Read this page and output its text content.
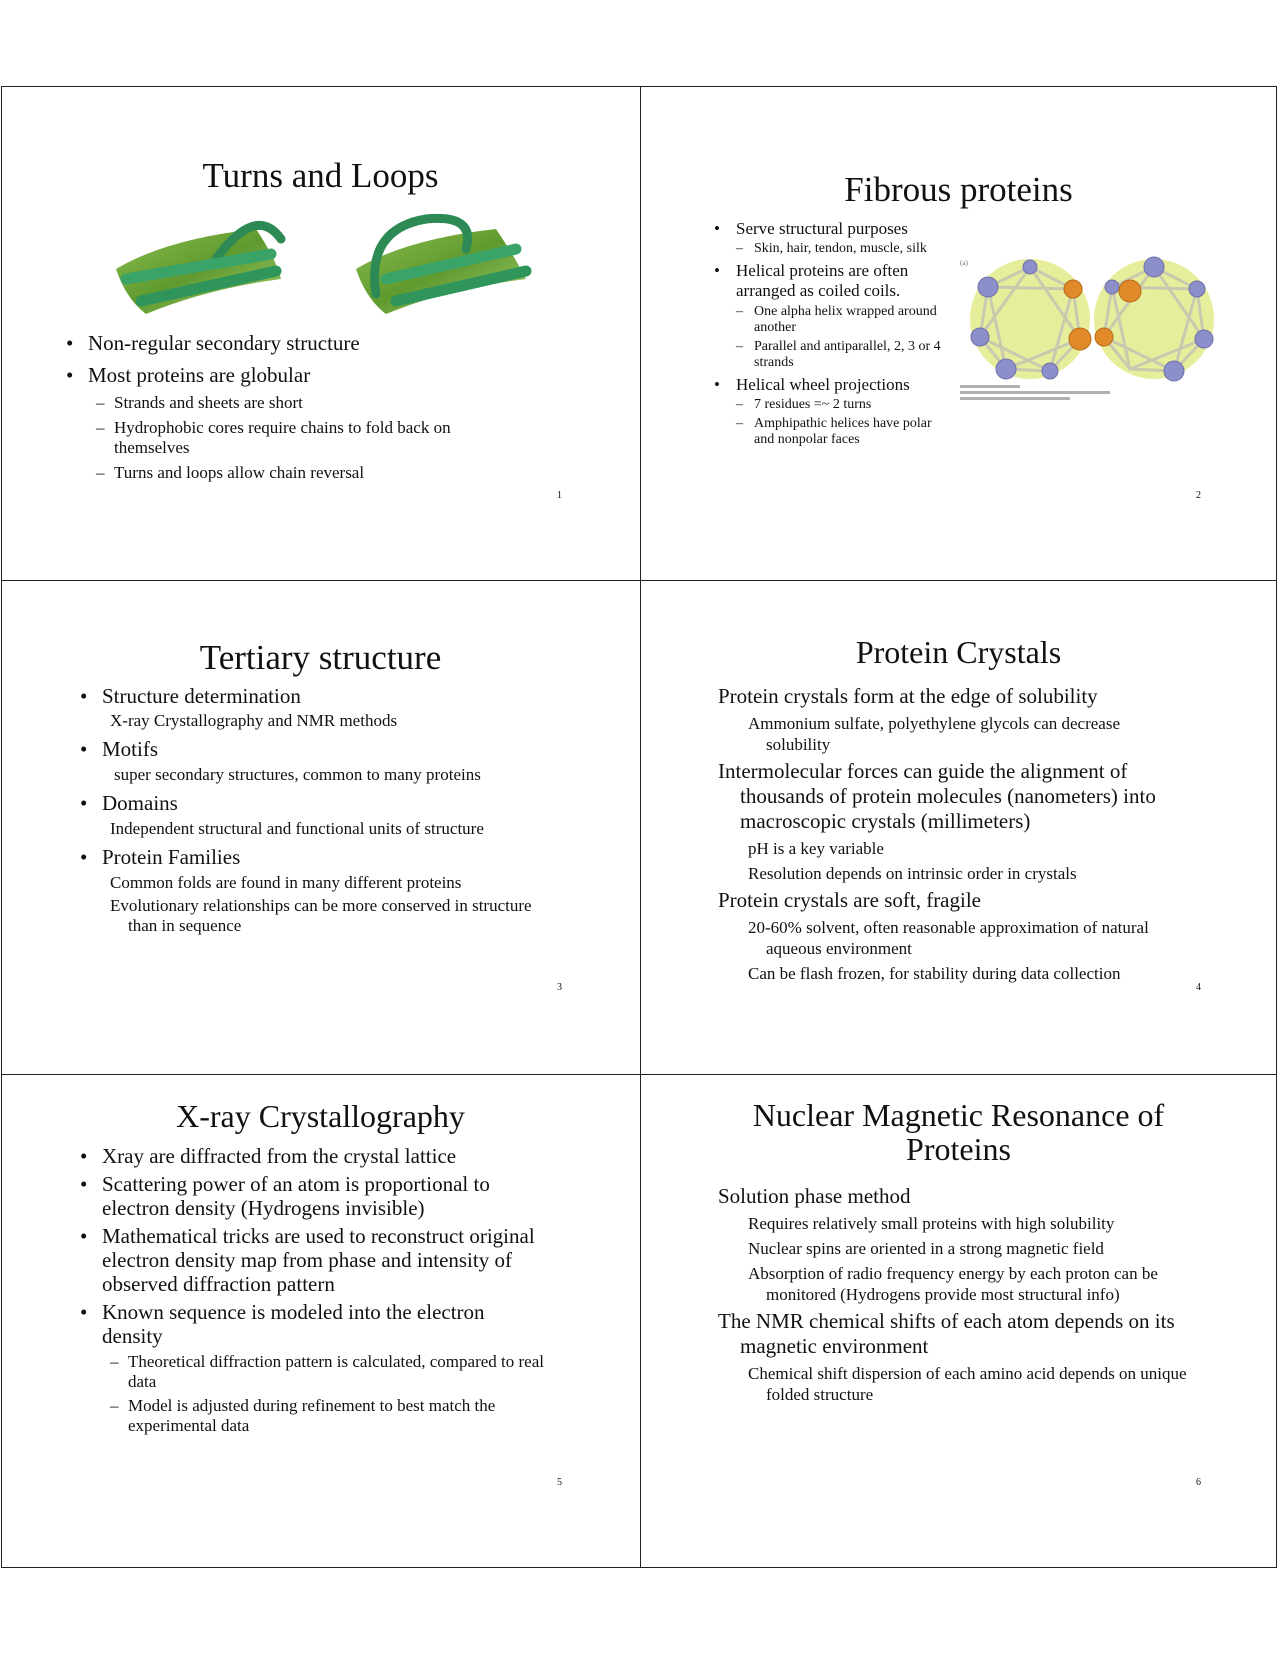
Turns and Loops
• Non-regular secondary structure
• Most proteins are globular
– Strands and sheets are short
– Hydrophobic cores require chains to fold back on themselves
– Turns and loops allow chain reversal
1
Fibrous proteins
• Serve structural purposes
– Skin, hair, tendon, muscle, silk
• Helical proteins are often arranged as coiled coils.
– One alpha helix wrapped around another
– Parallel and antiparallel, 2, 3 or 4 strands
• Helical wheel projections
– 7 residues =~ 2 turns
– Amphipathic helices have polar and nonpolar faces
(a)
2
Tertiary structure
• Structure determination
X-ray Crystallography and NMR methods
• Motifs
super secondary structures, common to many proteins
• Domains
Independent structural and functional units of structure
• Protein Families
Common folds are found in many different proteins
Evolutionary relationships can be more conserved in structure than in sequence
3
Protein Crystals
Protein crystals form at the edge of solubility
Ammonium sulfate, polyethylene glycols can decrease solubility
Intermolecular forces can guide the alignment of thousands of protein molecules (nanometers) into macroscopic crystals (millimeters)
pH is a key variable
Resolution depends on intrinsic order in crystals
Protein crystals are soft, fragile
20-60% solvent, often reasonable approximation of natural aqueous environment
Can be flash frozen, for stability during data collection
4
X-ray Crystallography
• Xray are diffracted from the crystal lattice
• Scattering power of an atom is proportional to electron density (Hydrogens invisible)
• Mathematical tricks are used to reconstruct original electron density map from phase and intensity of observed diffraction pattern
• Known sequence is modeled into the electron density
– Theoretical diffraction pattern is calculated, compared to real data
– Model is adjusted during refinement to best match the experimental data
5
Nuclear Magnetic Resonance of Proteins
Solution phase method
Requires relatively small proteins with high solubility
Nuclear spins are oriented in a strong magnetic field
Absorption of radio frequency energy by each proton can be monitored (Hydrogens provide most structural info)
The NMR chemical shifts of each atom depends on its magnetic environment
Chemical shift dispersion of each amino acid depends on unique folded structure
6
